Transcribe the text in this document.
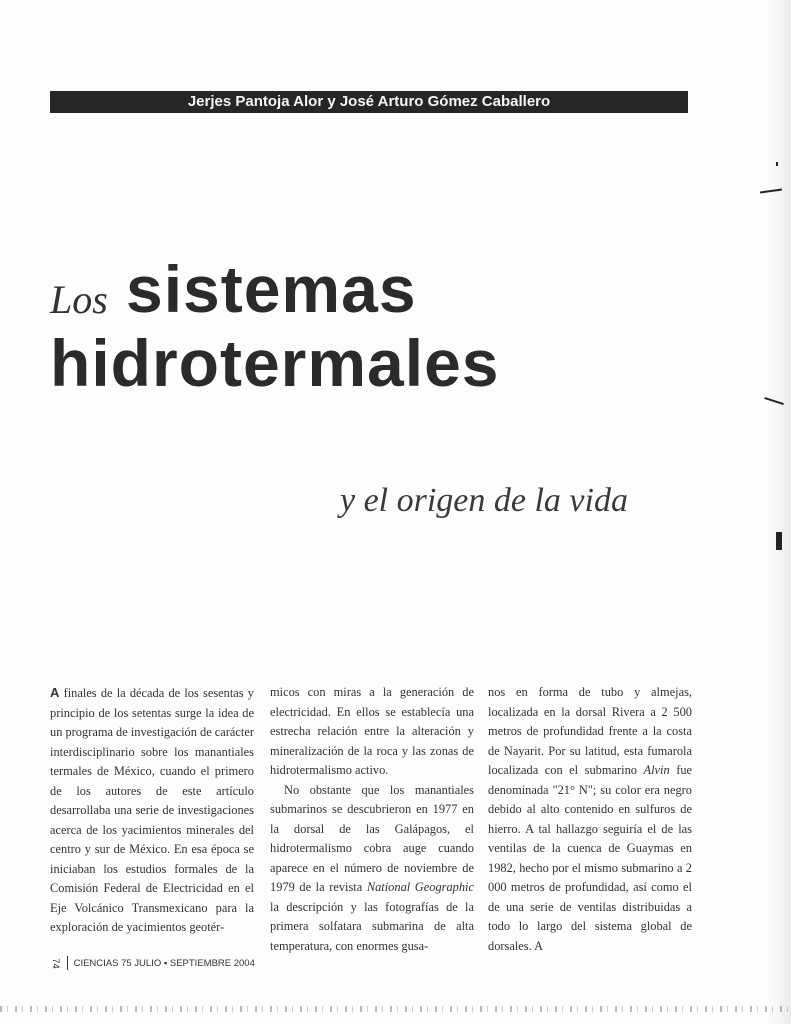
Jerjes Pantoja Alor y José Arturo Gómez Caballero
Los sistemas
hidrotermales
y el origen de la vida

A finales de la década de los sesentas y principio de los setentas surge la idea de un programa de investigación de carácter interdisciplinario sobre los manantiales termales de México, cuando el primero de los autores de este artículo desarrollaba una serie de investigaciones acerca de los yacimientos minerales del centro y sur de México. En esa época se iniciaban los estudios formales de la Comisión Federal de Electricidad en el Eje Volcánico Transmexicano para la exploración de yacimientos geotér-

micos con miras a la generación de electricidad. En ellos se establecía una estrecha relación entre la alteración y mineralización de la roca y las zonas de hidrotermalismo activo.

No obstante que los manantiales submarinos se descubrieron en 1977 en la dorsal de las Galápagos, el hidrotermalismo cobra auge cuando aparece en el número de noviembre de 1979 de la revista National Geographic la descripción y las fotografías de la primera solfatara submarina de alta temperatura, con enormes gusa-

nos en forma de tubo y almejas, localizada en la dorsal Rivera a 2 500 metros de profundidad frente a la costa de Nayarit. Por su latitud, esta fumarola localizada con el submarino Alvin fue denominada "21° N"; su color era negro debido al alto contenido en sulfuros de hierro. A tal hallazgo seguiría el de las ventilas de la cuenca de Guaymas en 1982, hecho por el mismo submarino a 2 000 metros de profundidad, así como el de una serie de ventilas distribuidas a todo lo largo del sistema global de dorsales. A

74 CIENCIAS 75 JULIO ▪ SEPTIEMBRE 2004
